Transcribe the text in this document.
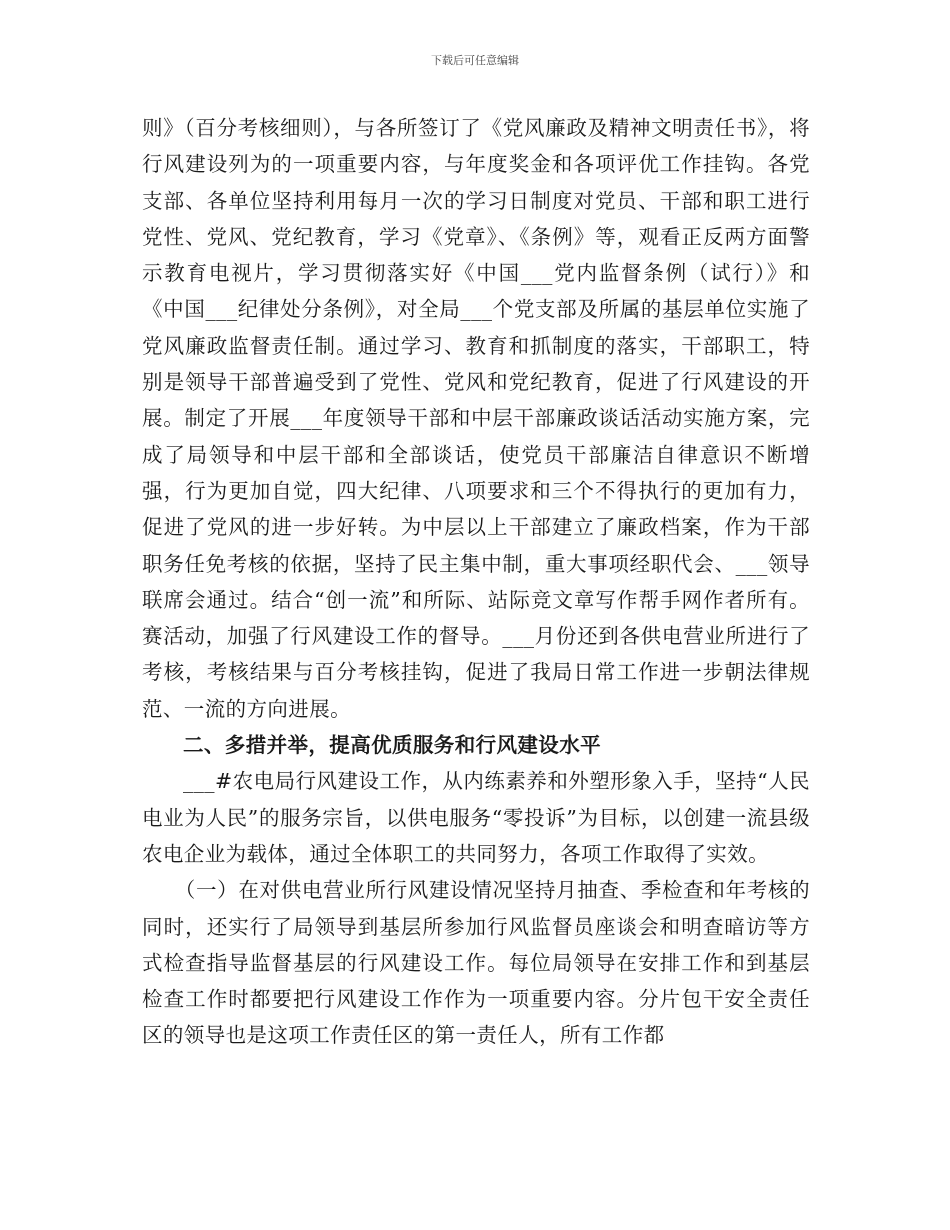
下载后可任意编辑

则》（百分考核细则），与各所签订了《党风廉政及精神文明责任书》，将行风建设列为的一项重要内容，与年度奖金和各项评优工作挂钩。各党支部、各单位坚持利用每月一次的学习日制度对党员、干部和职工进行党性、党风、党纪教育，学习《党章》、《条例》等，观看正反两方面警示教育电视片，学习贯彻落实好《中国___党内监督条例（试行）》和《中国___纪律处分条例》，对全局___个党支部及所属的基层单位实施了党风廉政监督责任制。通过学习、教育和抓制度的落实，干部职工，特别是领导干部普遍受到了党性、党风和党纪教育，促进了行风建设的开展。制定了开展___年度领导干部和中层干部廉政谈话活动实施方案，完成了局领导和中层干部和全部谈话，使党员干部廉洁自律意识不断增强，行为更加自觉，四大纪律、八项要求和三个不得执行的更加有力，促进了党风的进一步好转。为中层以上干部建立了廉政档案，作为干部职务任免考核的依据，坚持了民主集中制，重大事项经职代会、___领导联席会通过。结合“创一流”和所际、站际竞文章写作帮手网作者所有。赛活动，加强了行风建设工作的督导。___月份还到各供电营业所进行了考核，考核结果与百分考核挂钩，促进了我局日常工作进一步朝法律规范、一流的方向进展。

二、多措并举，提高优质服务和行风建设水平

___#农电局行风建设工作，从内练素养和外塑形象入手，坚持“人民电业为人民”的服务宗旨，以供电服务“零投诉”为目标，以创建一流县级农电企业为载体，通过全体职工的共同努力，各项工作取得了实效。

（一）在对供电营业所行风建设情况坚持月抽查、季检查和年考核的同时，还实行了局领导到基层所参加行风监督员座谈会和明查暗访等方式检查指导监督基层的行风建设工作。每位局领导在安排工作和到基层检查工作时都要把行风建设工作作为一项重要内容。分片包干安全责任区的领导也是这项工作责任区的第一责任人，所有工作都
